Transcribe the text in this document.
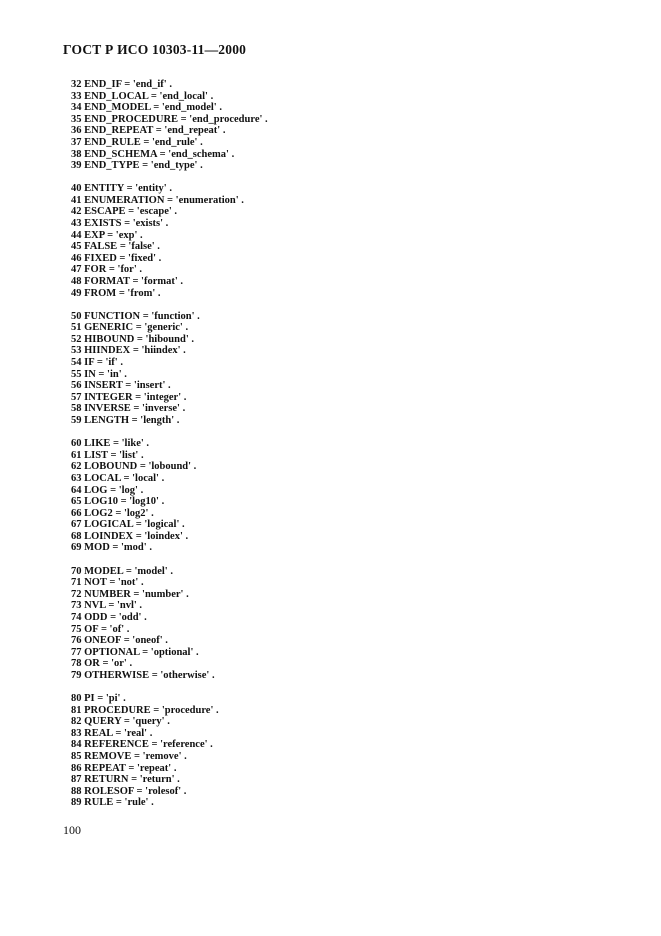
ГОСТ Р ИСО 10303-11—2000
32 END_IF = 'end_if' .
33 END_LOCAL = 'end_local' .
34 END_MODEL = 'end_model' .
35 END_PROCEDURE = 'end_procedure' .
36 END_REPEAT = 'end_repeat' .
37 END_RULE = 'end_rule' .
38 END_SCHEMA = 'end_schema' .
39 END_TYPE = 'end_type' .
40 ENTITY = 'entity' .
41 ENUMERATION = 'enumeration' .
42 ESCAPE = 'escape' .
43 EXISTS = 'exists' .
44 EXP = 'exp' .
45 FALSE = 'false' .
46 FIXED = 'fixed' .
47 FOR = 'for' .
48 FORMAT = 'format' .
49 FROM = 'from' .
50 FUNCTION = 'function' .
51 GENERIC = 'generic' .
52 HIBOUND = 'hibound' .
53 HIINDEX = 'hiindex' .
54 IF = 'if' .
55 IN = 'in' .
56 INSERT = 'insert' .
57 INTEGER = 'integer' .
58 INVERSE = 'inverse' .
59 LENGTH = 'length' .
60 LIKE = 'like' .
61 LIST = 'list' .
62 LOBOUND = 'lobound' .
63 LOCAL = 'local' .
64 LOG = 'log' .
65 LOG10 = 'log10' .
66 LOG2 = 'log2' .
67 LOGICAL = 'logical' .
68 LOINDEX = 'loindex' .
69 MOD = 'mod' .
70 MODEL = 'model' .
71 NOT = 'not' .
72 NUMBER = 'number' .
73 NVL = 'nvl' .
74 ODD = 'odd' .
75 OF = 'of' .
76 ONEOF = 'oneof' .
77 OPTIONAL = 'optional' .
78 OR = 'or' .
79 OTHERWISE = 'otherwise' .
80 PI = 'pi' .
81 PROCEDURE = 'procedure' .
82 QUERY = 'query' .
83 REAL = 'real' .
84 REFERENCE = 'reference' .
85 REMOVE = 'remove' .
86 REPEAT = 'repeat' .
87 RETURN = 'return' .
88 ROLESOF = 'rolesof' .
89 RULE = 'rule' .
100
